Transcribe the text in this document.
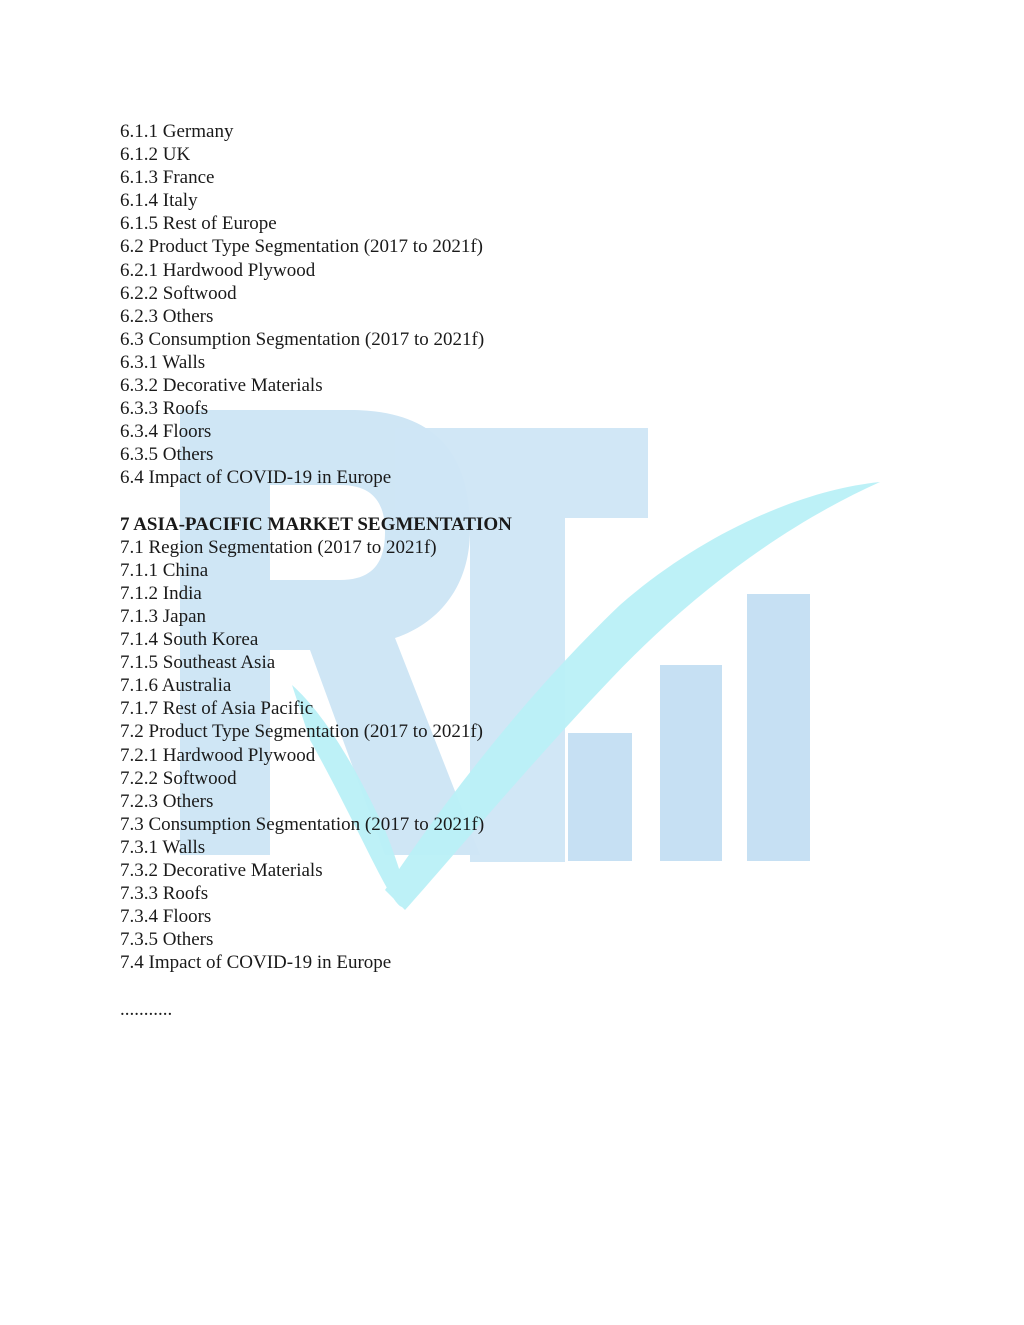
6.1.1 Germany
6.1.2 UK
6.1.3 France
6.1.4 Italy
6.1.5 Rest of Europe
6.2 Product Type Segmentation (2017 to 2021f)
6.2.1 Hardwood Plywood
6.2.2 Softwood
6.2.3 Others
6.3 Consumption Segmentation (2017 to 2021f)
6.3.1 Walls
6.3.2 Decorative Materials
6.3.3 Roofs
6.3.4 Floors
6.3.5 Others
6.4 Impact of COVID-19 in Europe
7 ASIA-PACIFIC MARKET SEGMENTATION
7.1 Region Segmentation (2017 to 2021f)
7.1.1 China
7.1.2 India
7.1.3 Japan
7.1.4 South Korea
7.1.5 Southeast Asia
7.1.6 Australia
7.1.7 Rest of Asia Pacific
7.2 Product Type Segmentation (2017 to 2021f)
7.2.1 Hardwood Plywood
7.2.2 Softwood
7.2.3 Others
7.3 Consumption Segmentation (2017 to 2021f)
7.3.1 Walls
7.3.2 Decorative Materials
7.3.3 Roofs
7.3.4 Floors
7.3.5 Others
7.4 Impact of COVID-19 in Europe
...........
